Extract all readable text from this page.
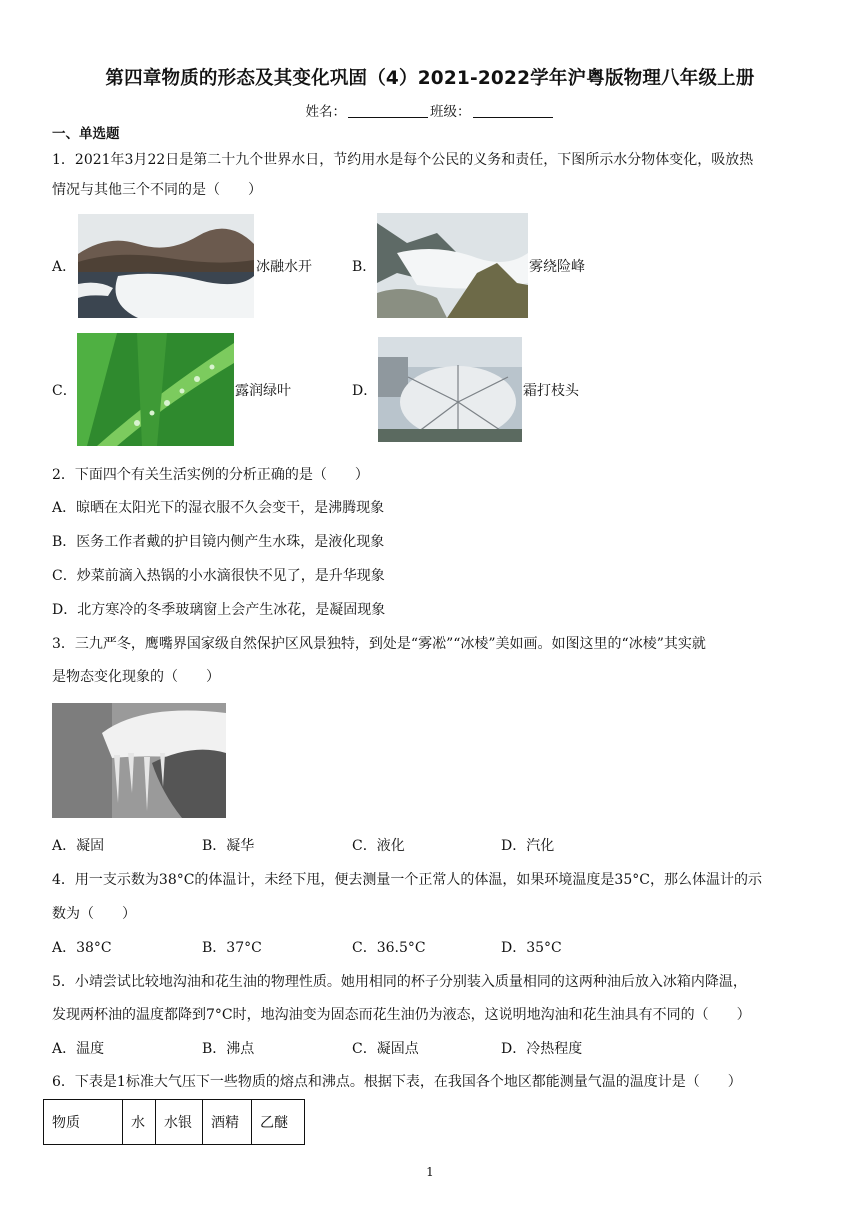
第四章物质的形态及其变化巩固（4）2021-2022学年沪粤版物理八年级上册
姓名：	班级：
一、单选题
1．2021年3月22日是第二十九个世界水日，节约用水是每个公民的义务和责任，下图所示水分物体变化，吸放热
情况与其他三个不同的是（　　）
A．	冰融水开	B．	雾绕险峰
C．	露润绿叶	D．	霜打枝头
2．下面四个有关生活实例的分析正确的是（　　）
A．晾晒在太阳光下的湿衣服不久会变干，是沸腾现象
B．医务工作者戴的护目镜内侧产生水珠，是液化现象
C．炒菜前滴入热锅的小水滴很快不见了，是升华现象
D．北方寒冷的冬季玻璃窗上会产生冰花，是凝固现象
3．三九严冬，鹰嘴界国家级自然保护区风景独特，到处是“雾凇”“冰棱”美如画。如图这里的“冰棱”其实就
是物态变化现象的（　　）
A．凝固	B．凝华	C．液化	D．汽化
4．用一支示数为38°C的体温计，未经下甩，便去测量一个正常人的体温，如果环境温度是35°C，那么体温计的示
数为（　　）
A．38°C	B．37°C	C．36.5°C	D．35°C
5．小靖尝试比较地沟油和花生油的物理性质。她用相同的杯子分别装入质量相同的这两种油后放入冰箱内降温，
发现两杯油的温度都降到7°C时，地沟油变为固态而花生油仍为液态，这说明地沟油和花生油具有不同的（　　）
A．温度	B．沸点	C．凝固点	D．冷热程度
6．下表是1标准大气压下一些物质的熔点和沸点。根据下表，在我国各个地区都能测量气温的温度计是（　　）
物质	水	水银	酒精	乙醚
1
